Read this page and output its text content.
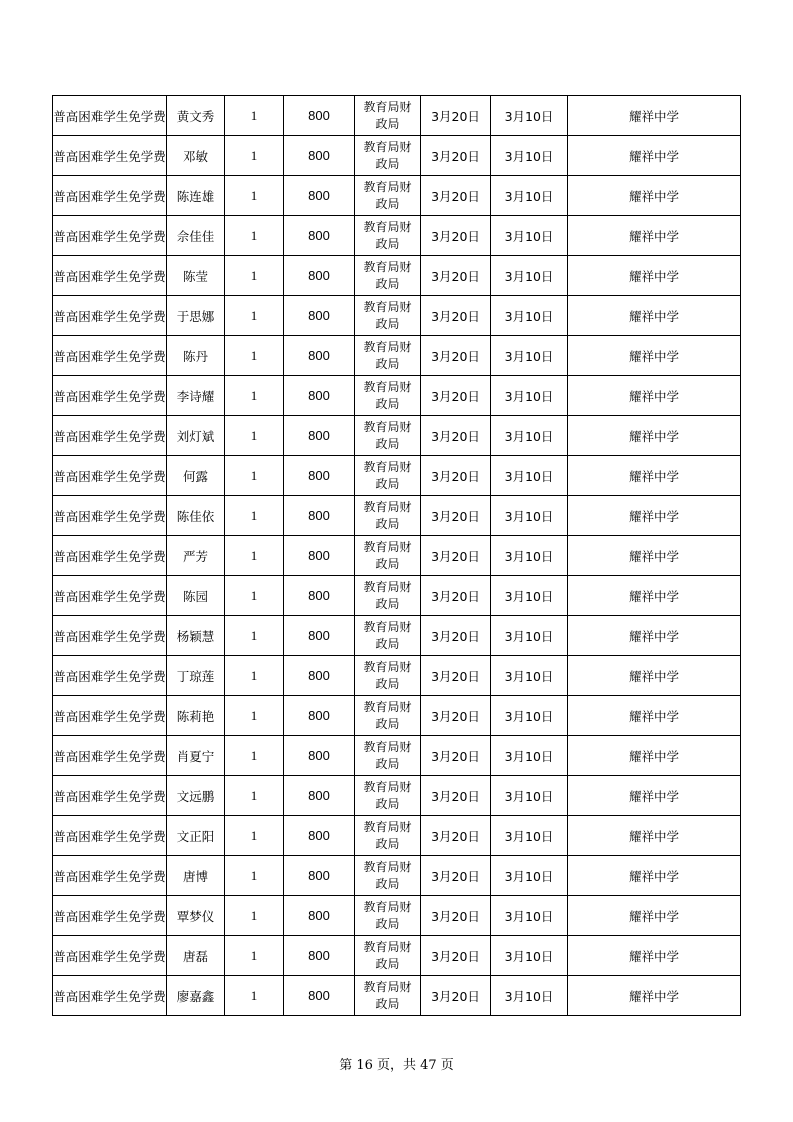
普高困难学生免学费	黄文秀	1	800	教育局财
政局	3月20日	3月10日	耀祥中学
普高困难学生免学费	邓敏	1	800	教育局财
政局	3月20日	3月10日	耀祥中学
普高困难学生免学费	陈连雄	1	800	教育局财
政局	3月20日	3月10日	耀祥中学
普高困难学生免学费	佘佳佳	1	800	教育局财
政局	3月20日	3月10日	耀祥中学
普高困难学生免学费	陈莹	1	800	教育局财
政局	3月20日	3月10日	耀祥中学
普高困难学生免学费	于思娜	1	800	教育局财
政局	3月20日	3月10日	耀祥中学
普高困难学生免学费	陈丹	1	800	教育局财
政局	3月20日	3月10日	耀祥中学
普高困难学生免学费	李诗耀	1	800	教育局财
政局	3月20日	3月10日	耀祥中学
普高困难学生免学费	刘灯斌	1	800	教育局财
政局	3月20日	3月10日	耀祥中学
普高困难学生免学费	何露	1	800	教育局财
政局	3月20日	3月10日	耀祥中学
普高困难学生免学费	陈佳依	1	800	教育局财
政局	3月20日	3月10日	耀祥中学
普高困难学生免学费	严芳	1	800	教育局财
政局	3月20日	3月10日	耀祥中学
普高困难学生免学费	陈园	1	800	教育局财
政局	3月20日	3月10日	耀祥中学
普高困难学生免学费	杨颖慧	1	800	教育局财
政局	3月20日	3月10日	耀祥中学
普高困难学生免学费	丁琼莲	1	800	教育局财
政局	3月20日	3月10日	耀祥中学
普高困难学生免学费	陈莉艳	1	800	教育局财
政局	3月20日	3月10日	耀祥中学
普高困难学生免学费	肖夏宁	1	800	教育局财
政局	3月20日	3月10日	耀祥中学
普高困难学生免学费	文远鹏	1	800	教育局财
政局	3月20日	3月10日	耀祥中学
普高困难学生免学费	文正阳	1	800	教育局财
政局	3月20日	3月10日	耀祥中学
普高困难学生免学费	唐博	1	800	教育局财
政局	3月20日	3月10日	耀祥中学
普高困难学生免学费	覃梦仪	1	800	教育局财
政局	3月20日	3月10日	耀祥中学
普高困难学生免学费	唐磊	1	800	教育局财
政局	3月20日	3月10日	耀祥中学
普高困难学生免学费	廖嘉鑫	1	800	教育局财
政局	3月20日	3月10日	耀祥中学
第 16 页，共 47 页
